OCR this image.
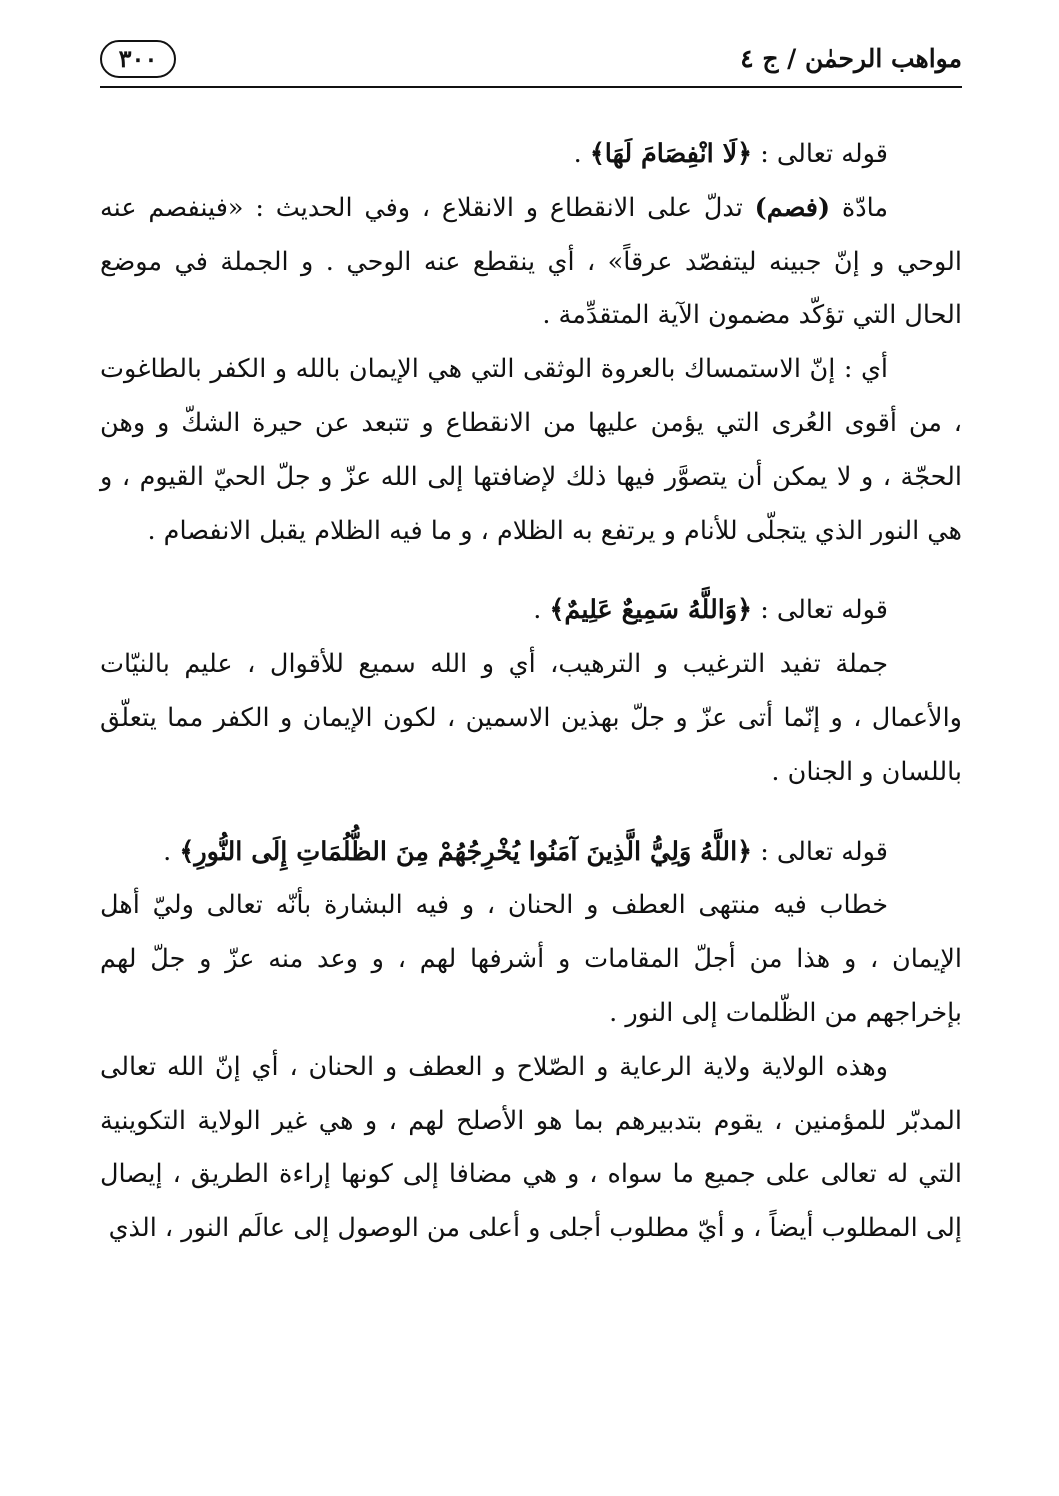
مواهب الرحمٰن / ج ٤
٣٠٠
قوله تعالى : ﴿لَا انْفِصَامَ لَهَا﴾ .

مادّة (فصم) تدلّ على الانقطاع و الانقلاع ، وفي الحديث : «فينفصم عنه الوحي و إنّ جبينه ليتفصّد عرقاً» ، أي ينقطع عنه الوحي . و الجملة في موضع الحال التي تؤكّد مضمون الآية المتقدِّمة .

أي : إنّ الاستمساك بالعروة الوثقى التي هي الإيمان بالله و الكفر بالطاغوت ، من أقوى العُرى التي يؤمن عليها من الانقطاع و تتبعد عن حيرة الشكّ و وهن الحجّة ، و لا يمكن أن يتصوَّر فيها ذلك لإضافتها إلى الله عزّ و جلّ الحيّ القيوم ، و هي النور الذي يتجلّى للأنام و يرتفع به الظلام ، و ما فيه الظلام يقبل الانفصام .

قوله تعالى : ﴿وَاللَّهُ سَمِيعٌ عَلِيمٌ﴾ .

جملة تفيد الترغيب و الترهيب، أي و الله سميع للأقوال ، عليم بالنيّات والأعمال ، و إنّما أتى عزّ و جلّ بهذين الاسمين ، لكون الإيمان و الكفر مما يتعلّق باللسان و الجنان .

قوله تعالى : ﴿اللَّهُ وَلِيُّ الَّذِينَ آمَنُوا يُخْرِجُهُمْ مِنَ الظُّلُمَاتِ إِلَى النُّورِ﴾ .

خطاب فيه منتهى العطف و الحنان ، و فيه البشارة بأنّه تعالى وليّ أهل الإيمان ، و هذا من أجلّ المقامات و أشرفها لهم ، و وعد منه عزّ و جلّ لهم بإخراجهم من الظّلمات إلى النور .

وهذه الولاية ولاية الرعاية و الصّلاح و العطف و الحنان ، أي إنّ الله تعالى المدبّر للمؤمنين ، يقوم بتدبيرهم بما هو الأصلح لهم ، و هي غير الولاية التكوينية التي له تعالى على جميع ما سواه ، و هي مضافا إلى كونها إراءة الطريق ، إيصال إلى المطلوب أيضاً ، و أيّ مطلوب أجلى و أعلى من الوصول إلى عالَم النور ، الذي
